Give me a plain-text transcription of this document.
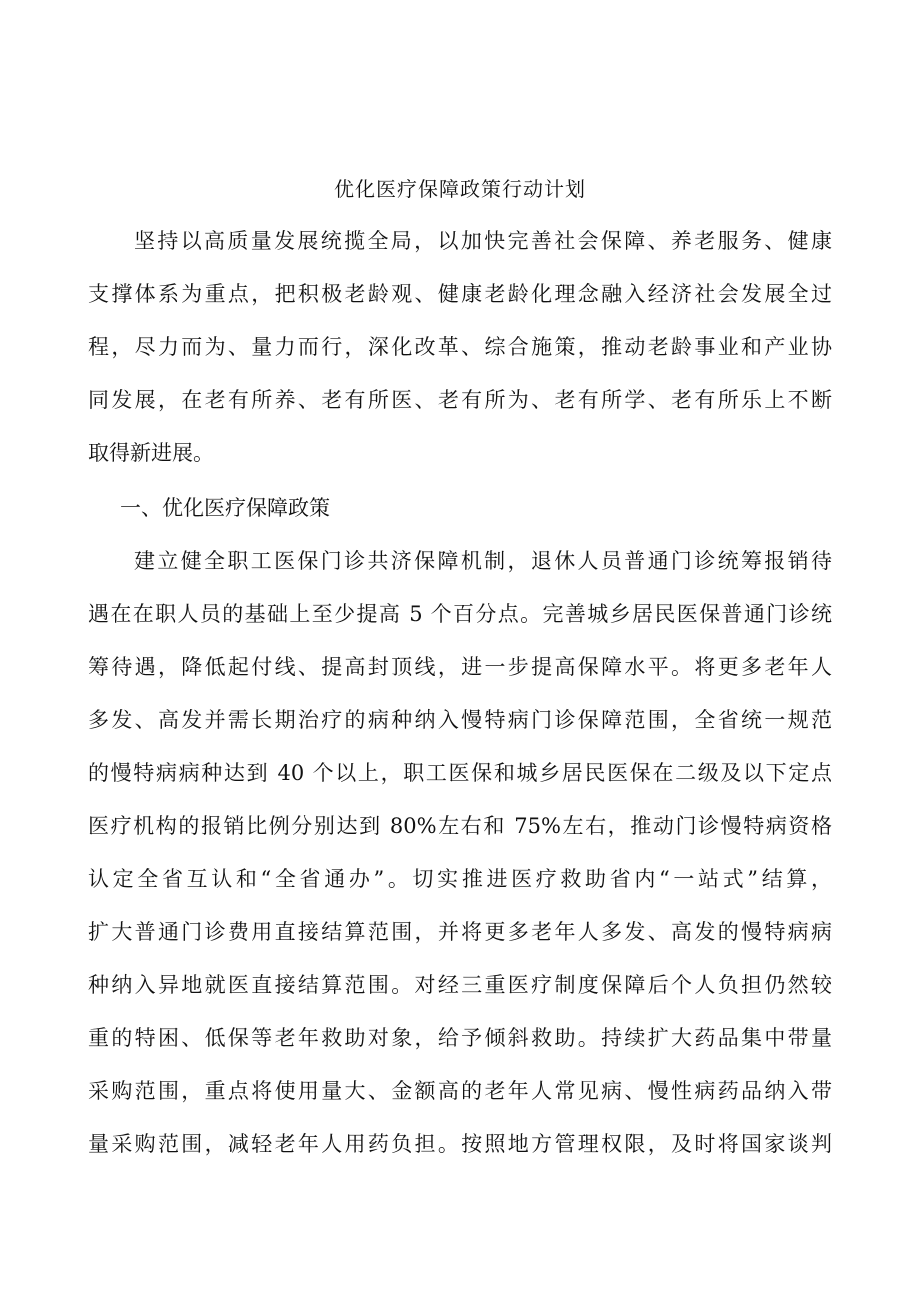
优化医疗保障政策行动计划
坚持以高质量发展统揽全局，以加快完善社会保障、养老服务、健康
支撑体系为重点，把积极老龄观、健康老龄化理念融入经济社会发展全过
程，尽力而为、量力而行，深化改革、综合施策，推动老龄事业和产业协
同发展，在老有所养、老有所医、老有所为、老有所学、老有所乐上不断
取得新进展。
一、优化医疗保障政策
建立健全职工医保门诊共济保障机制，退休人员普通门诊统筹报销待
遇在在职人员的基础上至少提高 5 个百分点。完善城乡居民医保普通门诊统
筹待遇，降低起付线、提高封顶线，进一步提高保障水平。将更多老年人
多发、高发并需长期治疗的病种纳入慢特病门诊保障范围，全省统一规范
的慢特病病种达到 40 个以上，职工医保和城乡居民医保在二级及以下定点
医疗机构的报销比例分别达到 80%左右和 75%左右，推动门诊慢特病资格
认定全省互认和“全省通办”。切实推进医疗救助省内“一站式”结算，
扩大普通门诊费用直接结算范围，并将更多老年人多发、高发的慢特病病
种纳入异地就医直接结算范围。对经三重医疗制度保障后个人负担仍然较
重的特困、低保等老年救助对象，给予倾斜救助。持续扩大药品集中带量
采购范围，重点将使用量大、金额高的老年人常见病、慢性病药品纳入带
量采购范围，减轻老年人用药负担。按照地方管理权限，及时将国家谈判
